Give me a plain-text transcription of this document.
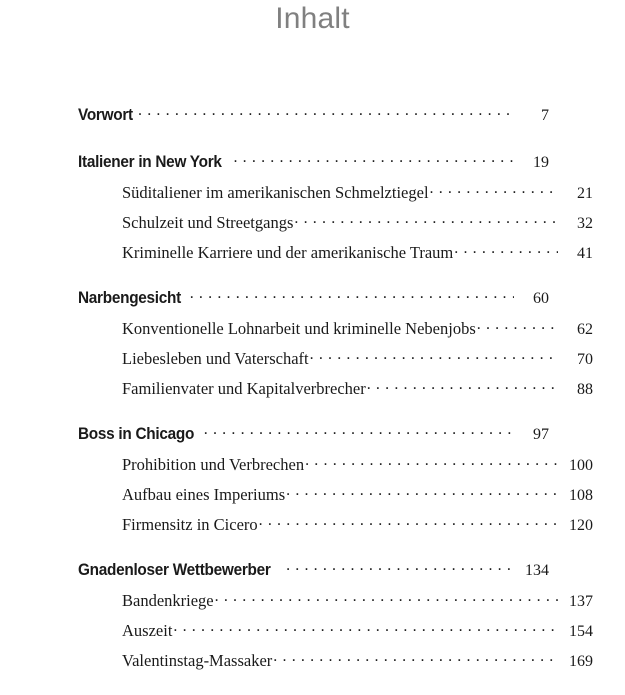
Inhalt
Vorwort . . .	7
Italiener in New York . . .	19
Süditaliener im amerikanischen Schmelztiegel . . .	21
Schulzeit und Streetgangs . . .	32
Kriminelle Karriere und der amerikanische Traum . . .	41
Narbengesicht . . .	60
Konventionelle Lohnarbeit und kriminelle Nebenjobs . . .	62
Liebesleben und Vaterschaft . . .	70
Familienvater und Kapitalverbrecher . . .	88
Boss in Chicago . . .	97
Prohibition und Verbrechen . . .	100
Aufbau eines Imperiums . . .	108
Firmensitz in Cicero . . .	120
Gnadenloser Wettbewerber . . .	134
Bandenkriege . . .	137
Auszeit . . .	154
Valentinstag-Massaker . . .	169
